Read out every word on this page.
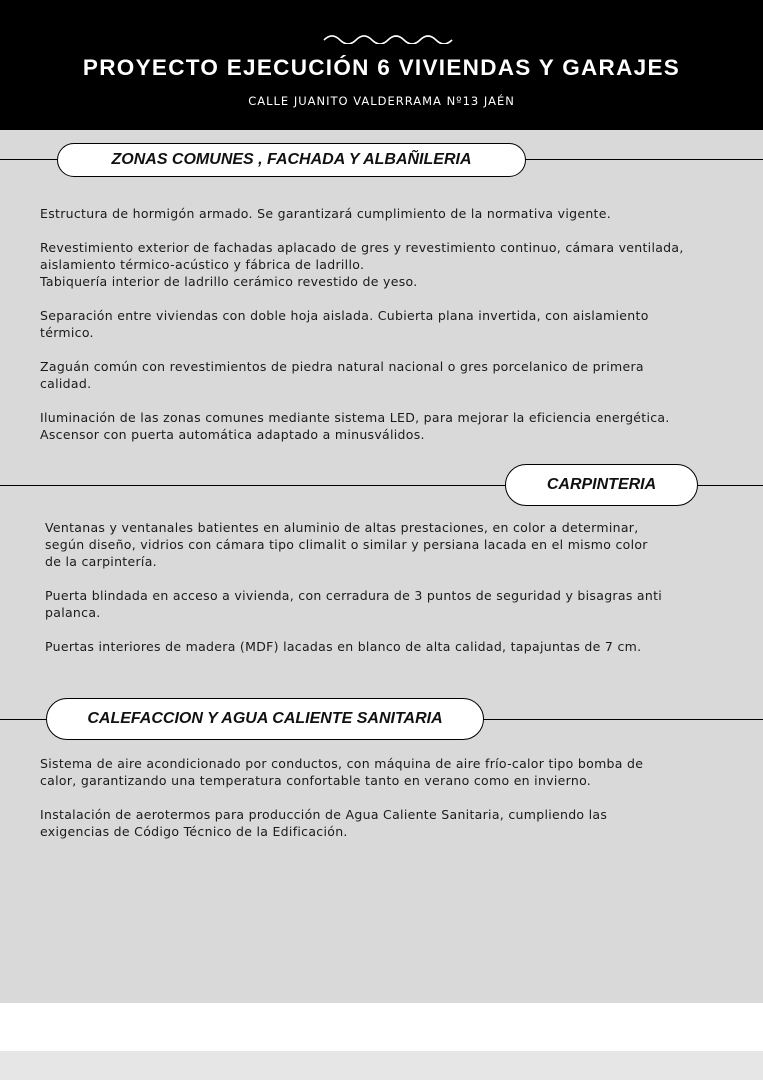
PROYECTO EJECUCIÓN 6 VIVIENDAS Y GARAJES
CALLE JUANITO VALDERRAMA Nº13 JAÉN
ZONAS COMUNES , FACHADA Y ALBAÑILERIA

Estructura de hormigón armado. Se garantizará cumplimiento de la normativa vigente.

Revestimiento exterior de fachadas aplacado de gres y revestimiento continuo, cámara ventilada,
aislamiento térmico-acústico y fábrica de ladrillo.
Tabiquería interior de ladrillo cerámico revestido de yeso.

Separación entre viviendas con doble hoja aislada. Cubierta plana invertida, con aislamiento
térmico.

Zaguán común con revestimientos de piedra natural nacional o gres porcelanico de primera
calidad.

Iluminación de las zonas comunes mediante sistema LED, para mejorar la eficiencia energética.
Ascensor con puerta automática adaptado a minusválidos.

CARPINTERIA

Ventanas y ventanales batientes en aluminio de altas prestaciones, en color a determinar,
según diseño, vidrios con cámara tipo climalit o similar y persiana lacada en el mismo color
de la carpintería.

Puerta blindada en acceso a vivienda, con cerradura de 3 puntos de seguridad y bisagras anti
palanca.

Puertas interiores de madera (MDF) lacadas en blanco de alta calidad, tapajuntas de 7 cm.

CALEFACCION Y AGUA CALIENTE SANITARIA

Sistema de aire acondicionado por conductos, con máquina de aire frío-calor tipo bomba de
calor, garantizando una temperatura confortable tanto en verano como en invierno.

Instalación de aerotermos para producción de Agua Caliente Sanitaria, cumpliendo las
exigencias de Código Técnico de la Edificación.
